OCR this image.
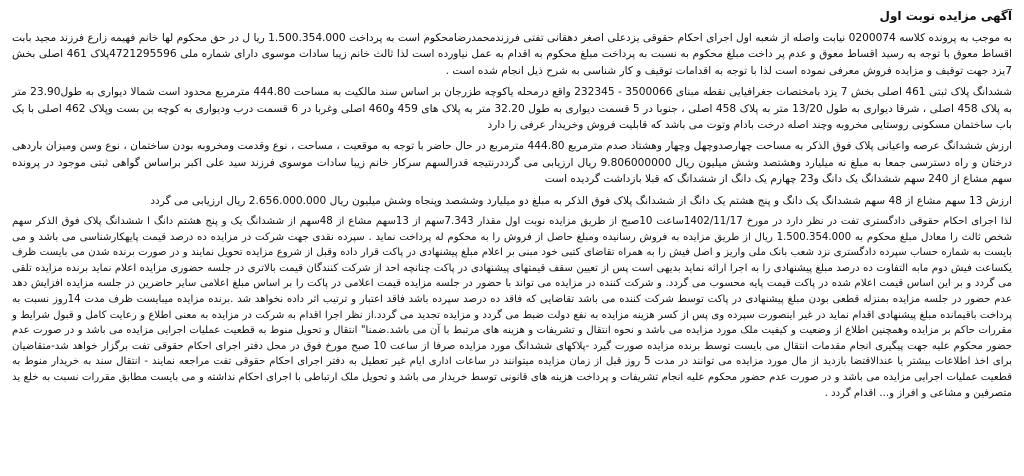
آگهی مزایده نوبت اول

به موجب به پرونده کلاسه 0200074 نیابت واصله از شعبه اول اجرای احکام حقوقی یزدعلی اصغر دهقانی تفتی فرزندمحمدرضامحکوم است به پرداخت 1.500.354.000 ریا ل در حق محکوم لها خانم فهیمه زارع فرزند مجید بابت اقساط معوق با توجه به رسید اقساط معوق و عدم پر داخت مبلغ محکوم به نسبت به پرداخت مبلغ محکوم به اقدام به عمل نیاورده است لذا ثالث خانم زیبا سادات موسوی دارای شماره ملی 4721295596پلاک 461 اصلی بخش 7یزد جهت توقیف و مزایده فروش معرفی نموده است لذا با توجه به اقدامات توقیف و کار شناسی به شرح ذیل انجام شده است .

ششدانگ پلاک ثبتی 461 اصلی بخش 7 یزد بامختصات جغرافیایی نقطه مبنای 3500066 - 232345 واقع درمحله یاکوچه طزرجان بر اساس سند مالکیت به مساحت 444.80 مترمربع محدود است شمالا دیواری به طول23.90 متر به پلاک 458 اصلی ، شرقا دیواری به طول 13/20 متر به پلاک 458 اصلی ، جنوبا در 5 قسمت دیواری به طول 32.20 متر به پلاک های 459 و460 اصلی وغربا در 6 قسمت درب ودیواری به کوچه بن بست وپلاک 462 اصلی با یک باب ساختمان مسکونی روستایی مخروبه وچند اصله درخت بادام وتوت می باشد که قابلیت فروش وخریدار عرفی را دارد

ارزش ششدانگ عرصه واعیانی پلاک فوق الذکر به مساحت چهارصدوچهل وچهار وهشتاد صدم مترمربع 444.80 مترمربع در حال حاضر با توجه به موقعیت ، مساحت ، نوع وقدمت ومخروبه بودن ساختمان ، نوع وسن ومیزان باردهی درختان و راه دسترسی جمعا به مبلغ نه میلیارد وهشتصد وشش میلیون ریال 9.806000000 ریال ارزیابی می گرددرنتیجه قدرالسهم سرکار خانم زیبا سادات موسوی فرزند سید علی اکبر براساس گواهی ثبتی موجود در پرونده سهم مشاع از 240 سهم ششدانگ یک دانگ و23 چهارم یک دانگ از ششدانگ که قبلا بازداشت گردیده است

ارزش 13 سهم مشاع از 48 سهم ششدانگ یک دانگ و پنج هشتم یک دانگ از ششدانگ پلاک فوق الذکر به مبلغ دو میلیارد وششصد وپنجاه وشش میلیون ریال 2.656.000.000 ریال ارزیابی می گردد

لذا اجرای احکام حقوقی دادگستری تفت در نظر دارد در مورخ 1402/11/17ساعت 10صبح از طریق مزایده نوبت اول مقدار 7.343سهم از 13سهم مشاع از 48سهم از ششدانگ یک و پنج هشتم دانگ ا ششدانگ پلاک فوق الذکر سهم شخص ثالث را معادل مبلغ محکوم به 1.500.354.000 ریال از طریق مزایده به فروش رسانیده ومبلغ حاصل از فروش را به محکوم له پرداخت نماید . سپرده نقدی جهت شرکت در مزایده ده درصد قیمت پایهکارشناسی می باشد و می بایست به شماره حساب سپرده دادگستری نزد شعب بانک ملی واریز و اصل فیش را به همراه تقاضای کتبی خود مبنی بر اعلام مبلغ پیشنهادی در پاکت قرار داده وقبل از شروع مزایده تحویل نمایند و در صورت برنده شدن می بایست ظرف یکساعت فیش دوم مابه التفاوت ده درصد مبلغ پیشنهادی را به اجرا ارائه نماید بدیهی است پس از تعیین سقف قیمتهای پیشنهادی در پاکت چنانچه احد از شرکت کنندگان قیمت بالاتری در جلسه حضوری مزایده اعلام نماید برنده مزایده تلقی می گردد و بر این اساس قیمت اعلام شده در پاکت قیمت پایه محسوب می گردد. و شرکت کننده در مزایده می تواند با حضور در جلسه مزایده قیمت اعلامی در پاکت را بر اساس مبلغ اعلامی سایر حاضرین در جلسه مزایده افزایش دهد عدم حضور در جلسه مزایده بمنزله قطعی بودن مبلغ پیشنهادی در پاکت توسط شرکت کننده می باشد تقاضایی که فاقد ده درصد سپرده باشد فاقد اعتبار و ترتیب اثر داده نخواهد شد .برنده مزایده میبایست ظرف مدت 14روز نسبت به پرداخت باقیمانده مبلغ پیشنهادی اقدام نماید در غیر اینصورت سپرده وی پس از کسر هزینه مزایده به نفع دولت ضبط می گردد و مزایده تجدید می گردد.از نظر اجرا اقدام به شرکت در مزایده به معنی اطلاع و رعایت کامل و قبول شرایط و مقررات حاکم بر مزایده وهمچنین اطلاع از وضعیت و کیفیت ملک مورد مزایده می باشد و نحوه انتقال و تشریفات و هزینه های مرتبط با آن می باشد.ضمنا" انتقال و تحویل منوط به قطعیت عملیات اجرایی مزایده می باشد و در صورت عدم حضور محکوم علیه جهت پیگیری انجام مقدمات انتقال می بایست توسط برنده مزایده صورت گیرد -پلاکهای ششدانگ مورد مزایده صرفا از ساعت 10 صبح مورخ فوق در محل دفتر اجرای احکام حقوقی تفت برگزار خواهد شد-متقاضیان برای اخذ اطلاعات بیشتر یا عندالاقتضا بازدید از مال مورد مزایده می توانند در مدت 5 روز قبل از زمان مزایده میتوانند در ساعات اداری ایام غیر تعطیل به دفتر اجرای احکام حقوقی تفت مراجعه نمایند - انتقال سند به خریدار منوط به قطعیت عملیات اجرایی مزایده می باشد و در صورت عدم حضور محکوم علیه انجام تشریفات و پرداخت هزینه های قانونی توسط خریدار می باشد و تحویل ملک ارتباطی با اجرای احکام نداشته و می بایست مطابق مقررات نسبت به خلع ید متصرفین و مشاعی و افراز و... اقدام گردد .
